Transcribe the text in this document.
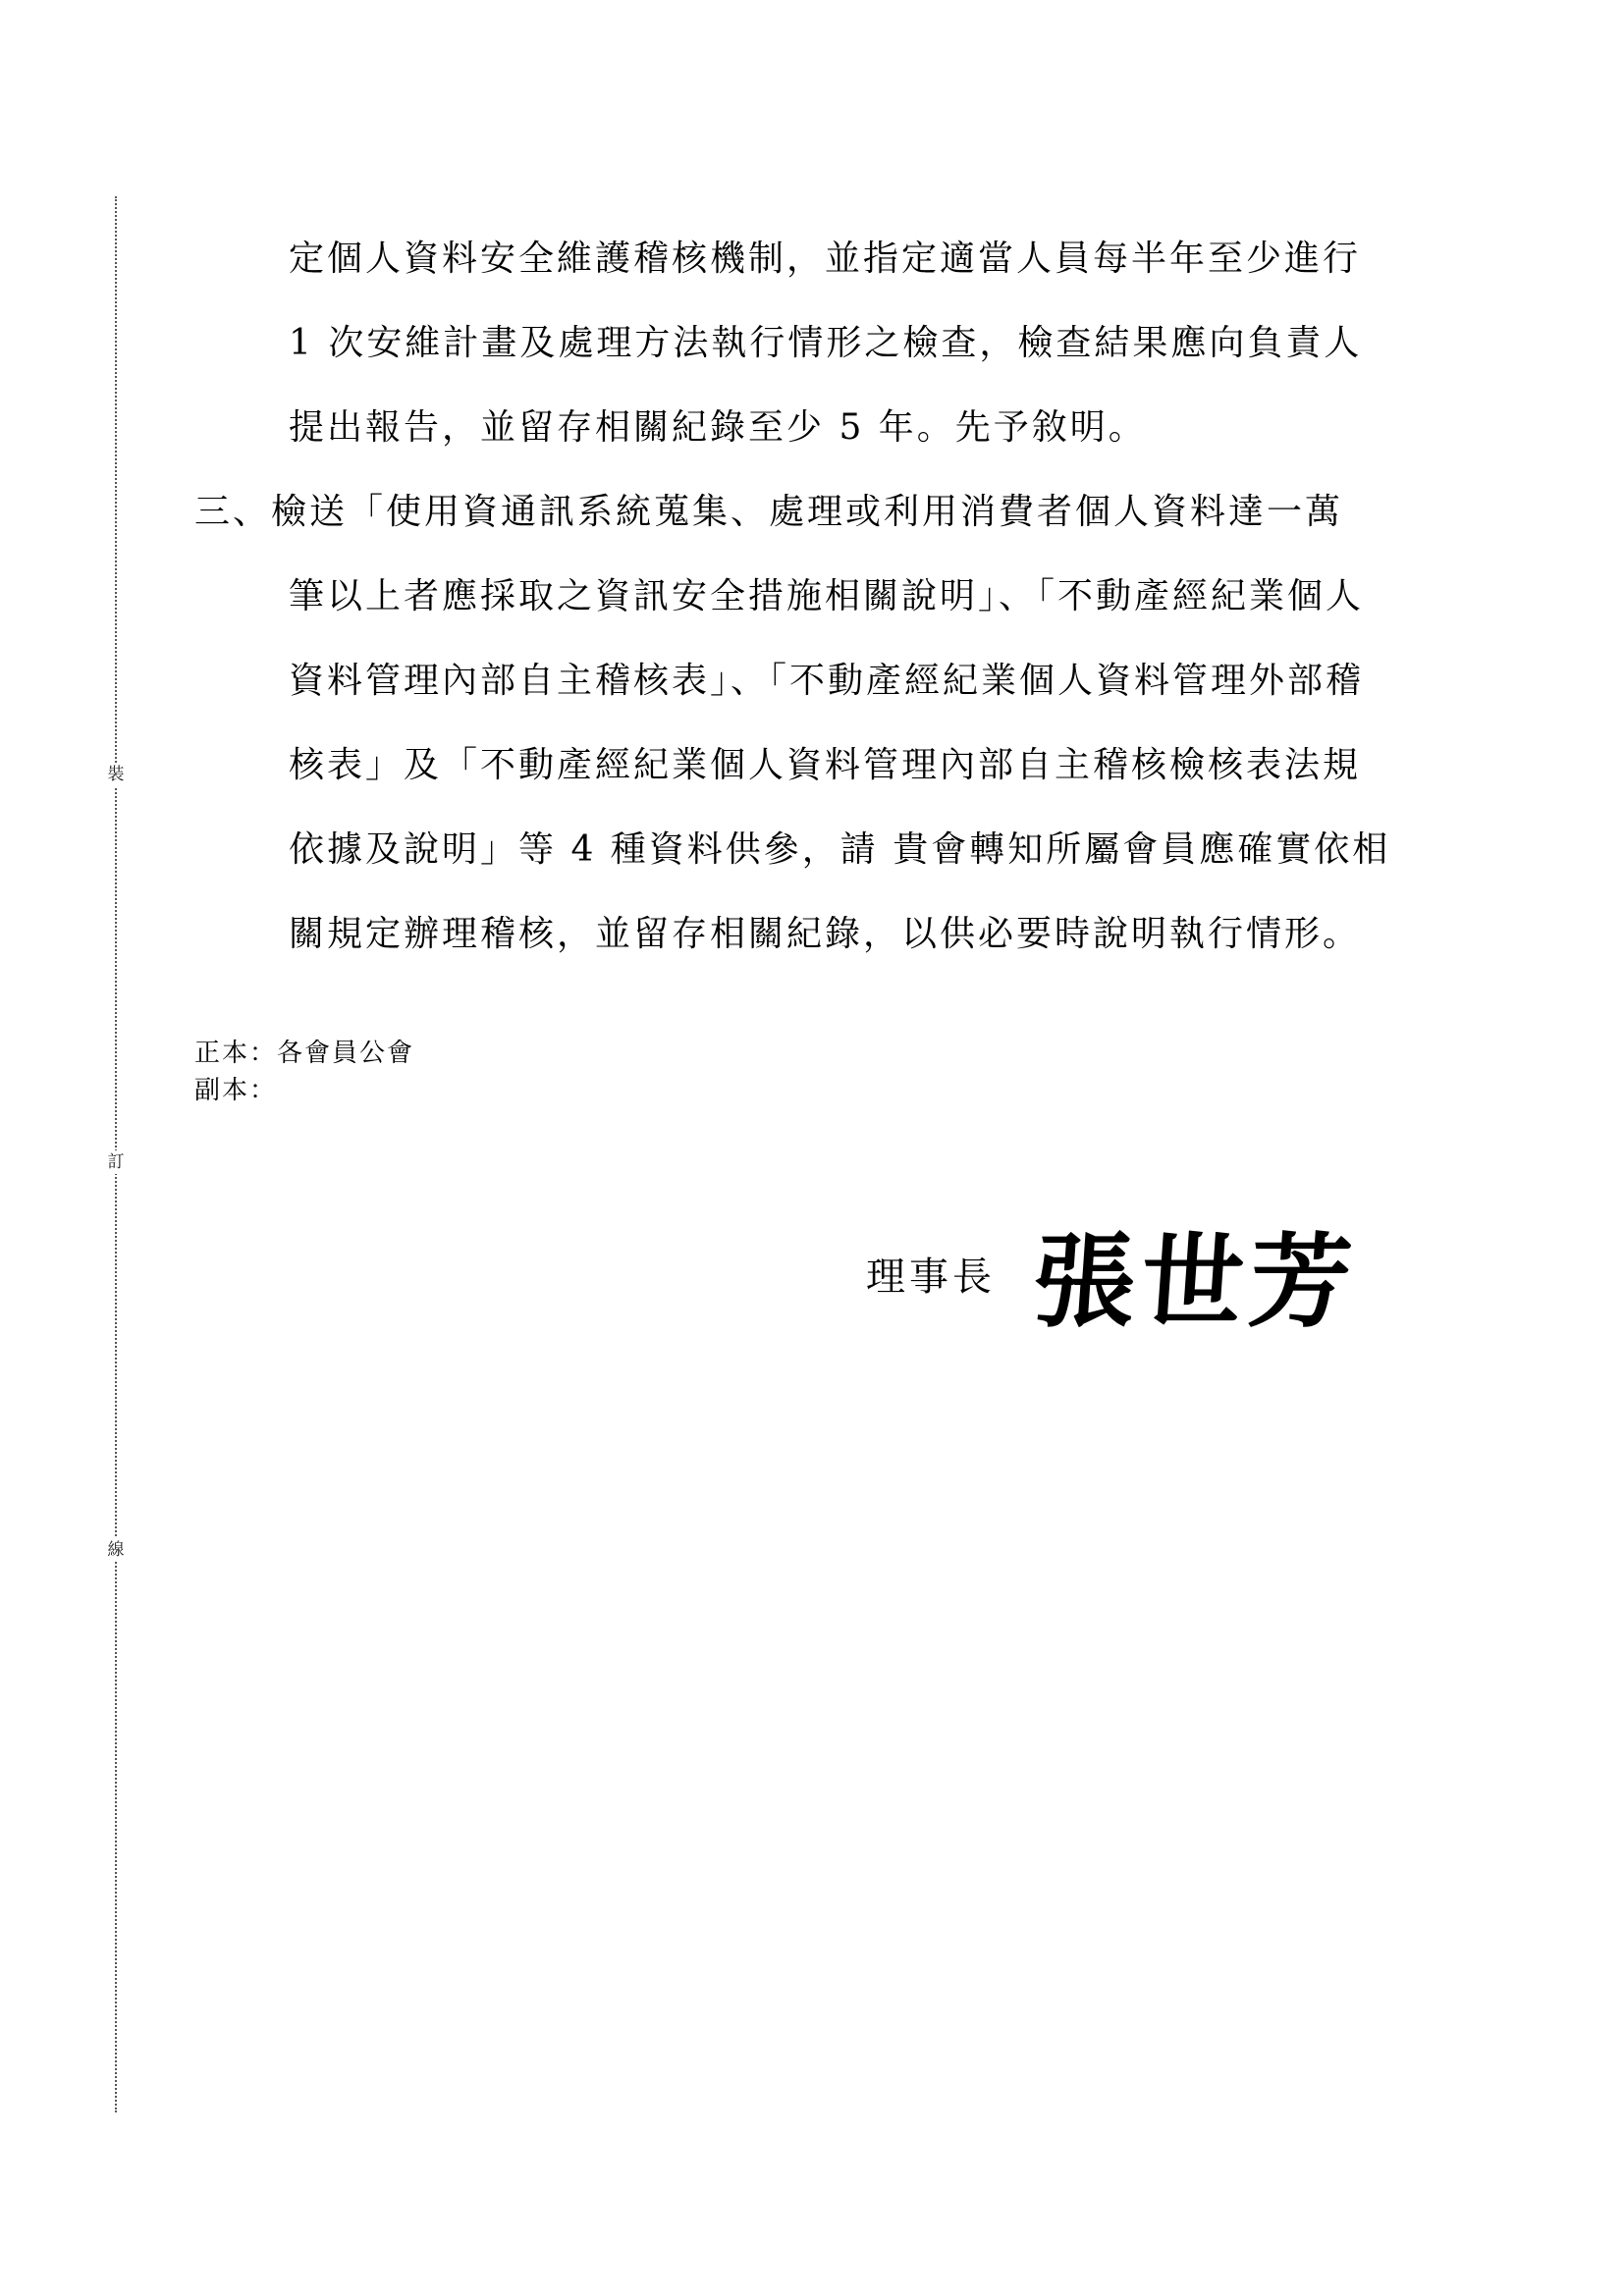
裝
訂
線
定個人資料安全維護稽核機制，並指定適當人員每半年至少進行
1 次安維計畫及處理方法執行情形之檢查，檢查結果應向負責人
提出報告，並留存相關紀錄至少 5 年。先予敘明。
三、檢送「使用資通訊系統蒐集、處理或利用消費者個人資料達一萬
筆以上者應採取之資訊安全措施相關說明」、「不動產經紀業個人
資料管理內部自主稽核表」、「不動產經紀業個人資料管理外部稽
核表」及「不動產經紀業個人資料管理內部自主稽核檢核表法規
依據及說明」等 4 種資料供參，請 貴會轉知所屬會員應確實依相
關規定辦理稽核，並留存相關紀錄，以供必要時說明執行情形。
正本：各會員公會
副本：
理事長 張世芳
